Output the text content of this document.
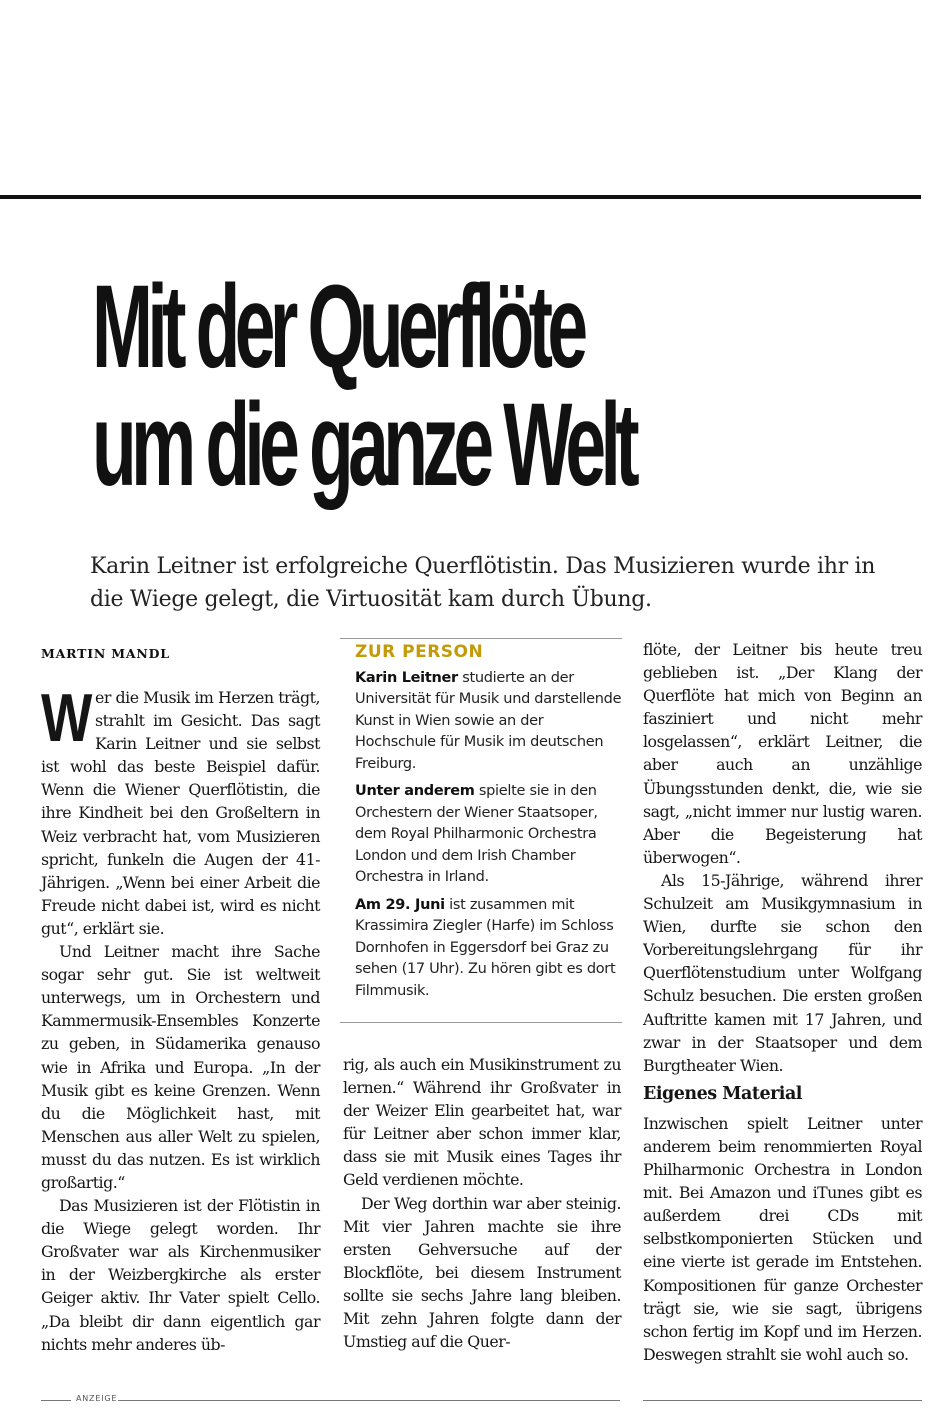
Mit der Querflöte
um die ganze Welt

Karin Leitner ist erfolgreiche Querflötistin. Das Musizieren wurde ihr in die Wiege gelegt, die Virtuosität kam durch Übung.

MARTIN MANDL

Wer die Musik im Herzen trägt, strahlt im Gesicht. Das sagt Karin Leitner und sie selbst ist wohl das beste Beispiel dafür. Wenn die Wiener Querflötistin, die ihre Kindheit bei den Großeltern in Weiz verbracht hat, vom Musizieren spricht, funkeln die Augen der 41-Jährigen. „Wenn bei einer Arbeit die Freude nicht dabei ist, wird es nicht gut“, erklärt sie.

Und Leitner macht ihre Sache sogar sehr gut. Sie ist weltweit unterwegs, um in Orchestern und Kammermusik-Ensembles Konzerte zu geben, in Südamerika genauso wie in Afrika und Europa. „In der Musik gibt es keine Grenzen. Wenn du die Möglichkeit hast, mit Menschen aus aller Welt zu spielen, musst du das nutzen. Es ist wirklich großartig.“

Das Musizieren ist der Flötistin in die Wiege gelegt worden. Ihr Großvater war als Kirchenmusiker in der Weizbergkirche als erster Geiger aktiv. Ihr Vater spielt Cello. „Da bleibt dir dann eigentlich gar nichts mehr anderes üb-

ZUR PERSON

Karin Leitner studierte an der Universität für Musik und darstellende Kunst in Wien sowie an der Hochschule für Musik im deutschen Freiburg.

Unter anderem spielte sie in den Orchestern der Wiener Staatsoper, dem Royal Philharmonic Orchestra London und dem Irish Chamber Orchestra in Irland.

Am 29. Juni ist zusammen mit Krassimira Ziegler (Harfe) im Schloss Dornhofen in Eggersdorf bei Graz zu sehen (17 Uhr). Zu hören gibt es dort Filmmusik.

rig, als auch ein Musikinstrument zu lernen.“ Während ihr Großvater in der Weizer Elin gearbeitet hat, war für Leitner aber schon immer klar, dass sie mit Musik eines Tages ihr Geld verdienen möchte.

Der Weg dorthin war aber steinig. Mit vier Jahren machte sie ihre ersten Gehversuche auf der Blockflöte, bei diesem Instrument sollte sie sechs Jahre lang bleiben. Mit zehn Jahren folgte dann der Umstieg auf die Quer-

flöte, der Leitner bis heute treu geblieben ist. „Der Klang der Querflöte hat mich von Beginn an fasziniert und nicht mehr losgelassen“, erklärt Leitner, die aber auch an unzählige Übungsstunden denkt, die, wie sie sagt, „nicht immer nur lustig waren. Aber die Begeisterung hat überwogen“.

Als 15-Jährige, während ihrer Schulzeit am Musikgymnasium in Wien, durfte sie schon den Vorbereitungslehrgang für ihr Querflötenstudium unter Wolfgang Schulz besuchen. Die ersten großen Auftritte kamen mit 17 Jahren, und zwar in der Staatsoper und dem Burgtheater Wien.

Eigenes Material

Inzwischen spielt Leitner unter anderem beim renommierten Royal Philharmonic Orchestra in London mit. Bei Amazon und iTunes gibt es außerdem drei CDs mit selbstkomponierten Stücken und eine vierte ist gerade im Entstehen. Kompositionen für ganze Orchester trägt sie, wie sie sagt, übrigens schon fertig im Kopf und im Herzen. Deswegen strahlt sie wohl auch so.

ANZEIGE
